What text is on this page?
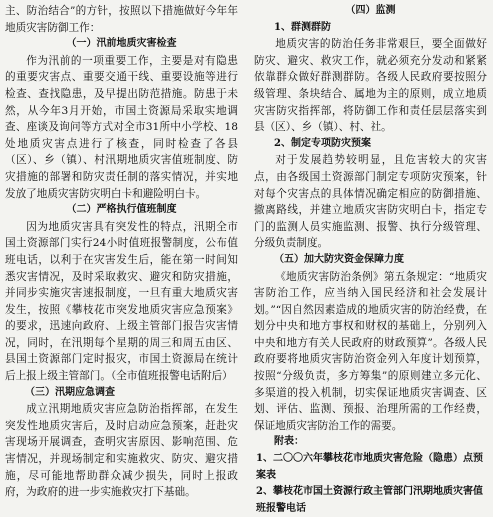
主、防治结合”的方针，按照以下措施做好今年年地质灾害防御工作：

（一）汛前地质灾害检查

作为汛前的一项重要工作，主要是对有隐患的重要灾害点、重要交通干线、重要设施等进行检查、查找隐患，及早提出防范措施。防患于未然，从今年3月开始，市国土资源局采取实地调查、座谈及询问等方式对全市31所中小学校、18处地质灾害点进行了核查，同时检查了各县（区）、乡（镇）、村汛期地质灾害值班制度、防灾措施的部署和防灾责任制的落实情况，并实地发放了地质灾害防灾明白卡和避险明白卡。

（二）严格执行值班制度

因为地质灾害具有突发性的特点，汛期全市国土资源部门实行24小时值班报警制度，公布值班电话，以利于在灾害发生后，能在第一时间知悉灾害情况，及时采取救灾、避灾和防灾措施，并同步实施灾害速报制度，一旦有重大地质灾害发生，按照《攀枝花市突发地质灾害应急预案》的要求，迅速向政府、上级主管部门报告灾害情况，同时，在汛期每个星期的周三和周五由区、县国土资源部门定时报灾，市国土资源局在统计后上报上级主管部门。（全市值班报警电话附后）

（三）汛期应急调查

成立汛期地质灾害应急防治指挥部，在发生突发性地质灾害后，及时启动应急预案，赶赴灾害现场开展调查，查明灾害原因、影响范围、危害情况，并现场制定和实施救灾、防灾、避灾措施，尽可能地帮助群众减少损失，同时上报政府，为政府的进一步实施救灾打下基础。

（四）监测

1、群测群防

地质灾害的防治任务非常艰巨，要全面做好防灾、避灾、救灾工作，就必须充分发动和紧紧依靠群众做好群测群防。各级人民政府要按照分级管理、条块结合、属地为主的原则，成立地质灾害防灾指挥部，将防御工作和责任层层落实到县（区）、乡（镇）、村、社。

2、制定专项防灾预案

对于发展趋势较明显，且危害较大的灾害点，由各级国土资源部门制定专项防灾预案，针对每个灾害点的具体情况确定相应的防御措施、撤离路线，并建立地质灾害防灾明白卡，指定专门的监测人员实施监测、报警、执行分级管理、分级负责制度。

（五）加大防灾资金保障力度

《地质灾害防治条例》第五条规定：“地质灾害防治工作，应当纳入国民经济和社会发展计划。”“因自然因素造成的地质灾害的防治经费，在划分中央和地方事权和财权的基础上，分别列入中央和地方有关人民政府的财政预算”。各级人民政府要将地质灾害防治资金列入年度计划预算，按照“分级负责，多方筹集”的原则建立多元化、多渠道的投入机制，切实保证地质灾害调查、区划、评估、监测、预报、治理所需的工作经费，保证地质灾害防治工作的需要。

附表：

1、二〇〇六年攀枝花市地质灾害危险（隐患）点预案表

2、攀枝花市国土资源行政主管部门汛期地质灾害值班报警电话
